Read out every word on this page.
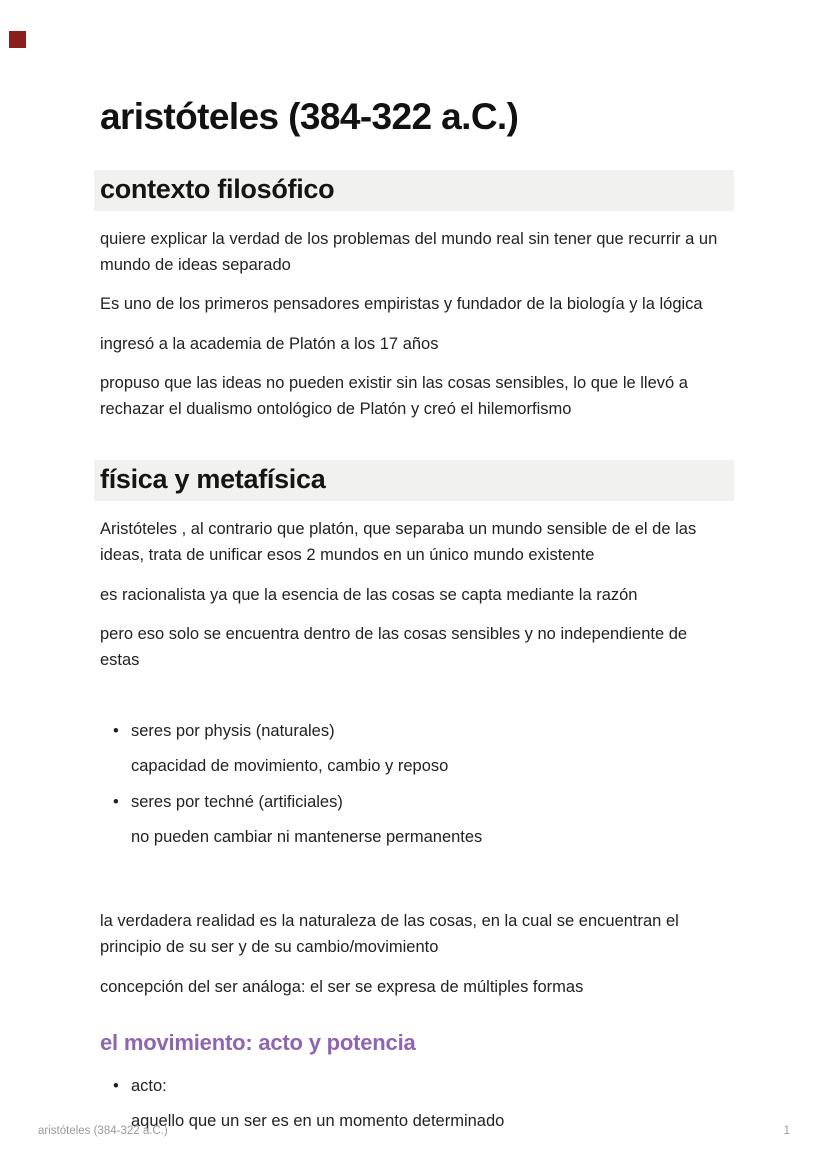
aristóteles (384-322 a.C.)
contexto filosófico

quiere explicar la verdad de los problemas del mundo real sin tener que recurrir a un mundo de ideas separado

Es uno de los primeros pensadores empiristas y fundador de la biología y la lógica

ingresó a la academia de Platón a los 17 años

propuso que las ideas no pueden existir sin las cosas sensibles, lo que le llevó a rechazar el dualismo ontológico de Platón y creó el hilemorfismo

física y metafísica

Aristóteles , al contrario que platón, que separaba un mundo sensible de el de las ideas, trata de unificar esos 2 mundos en un único mundo existente

es racionalista ya que la esencia de las cosas se capta mediante la razón

pero eso solo se encuentra dentro de las cosas sensibles y no independiente de estas

• seres por physis (naturales)

capacidad de movimiento, cambio y reposo

• seres por techné (artificiales)

no pueden cambiar ni mantenerse permanentes

la verdadera realidad es la naturaleza de las cosas, en la cual se encuentran el principio de su ser y de su cambio/movimiento

concepción del ser análoga: el ser se expresa de múltiples formas

el movimiento: acto y potencia
• acto:

aquello que un ser es en un momento determinado

aristóteles (384-322 a.C.)	1
